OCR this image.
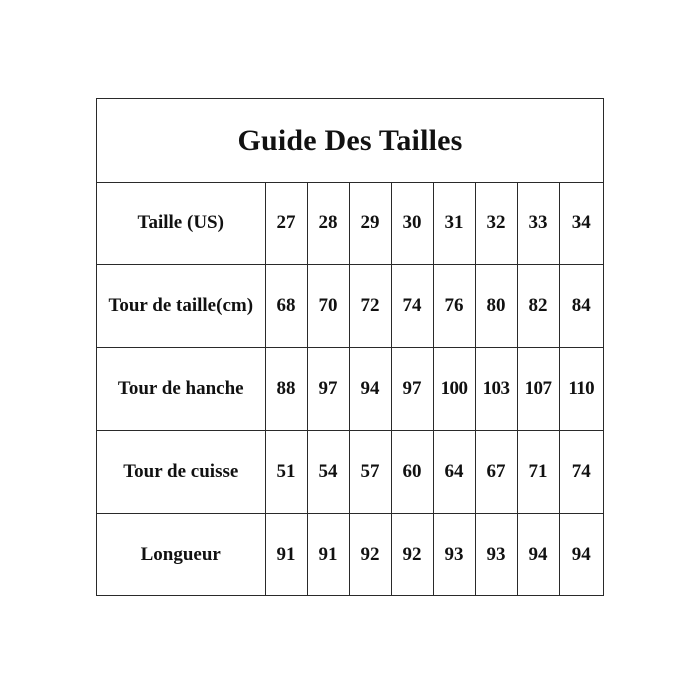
Guide Des Tailles
Taille (US)	27	28	29	30	31	32	33	34
Tour de taille(cm)	68	70	72	74	76	80	82	84
Tour de hanche	88	97	94	97	100	103	107	110
Tour de cuisse	51	54	57	60	64	67	71	74
Longueur	91	91	92	92	93	93	94	94
